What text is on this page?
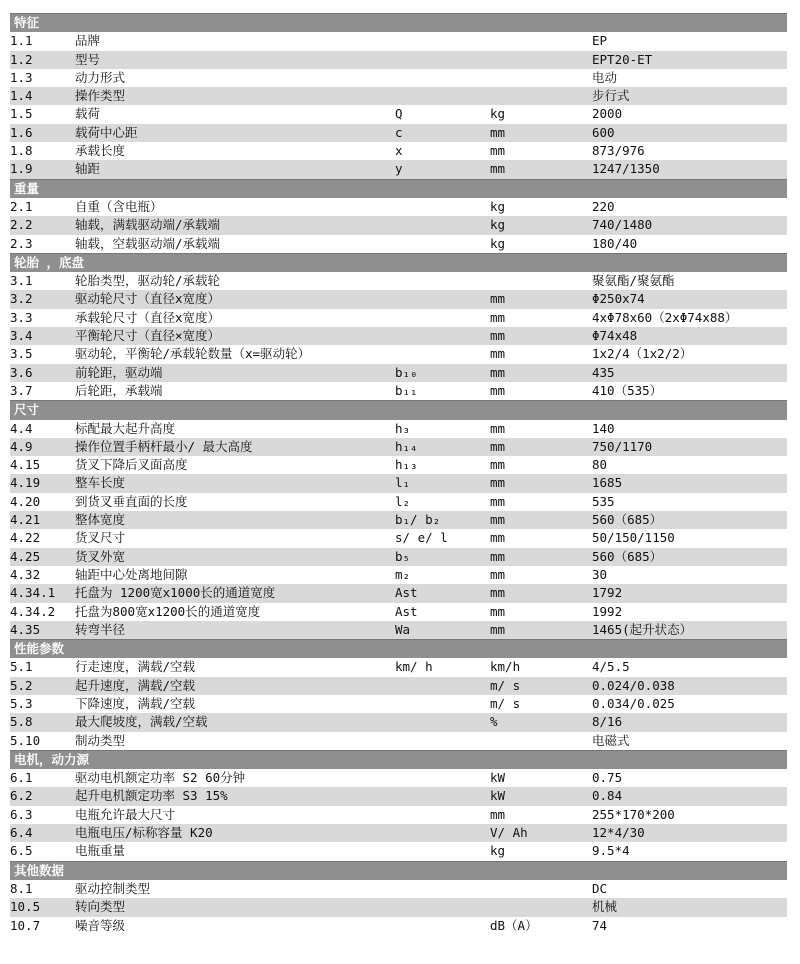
特征				
1.1	品牌			EP
1.2	型号			EPT20-ET
1.3	动力形式			电动
1.4	操作类型			步行式
1.5	载荷	Q	kg	2000
1.6	载荷中心距	c	mm	600
1.8	承载长度	x	mm	873/976
1.9	轴距	y	mm	1247/1350
重量				
2.1	自重（含电瓶）		kg	220
2.2	轴载，满载驱动端/承载端		kg	740/1480
2.3	轴载，空载驱动端/承载端		kg	180/40
轮胎 ，底盘				
3.1	轮胎类型，驱动轮/承载轮			聚氨酯/聚氨酯
3.2	驱动轮尺寸（直径x宽度）		mm	Φ250x74
3.3	承载轮尺寸（直径x宽度）		mm	4xΦ78x60（2xΦ74x88）
3.4	平衡轮尺寸（直径×宽度）		mm	Φ74x48
3.5	驱动轮，平衡轮/承载轮数量（x=驱动轮）		mm	1x2/4（1x2/2）
3.6	前轮距，驱动端	b₁₀	mm	435
3.7	后轮距，承载端	b₁₁	mm	410（535）
尺寸				
4.4	标配最大起升高度	h₃	mm	140
4.9	操作位置手柄杆最小/ 最大高度	h₁₄	mm	750/1170
4.15	货叉下降后叉面高度	h₁₃	mm	80
4.19	整车长度	l₁	mm	1685
4.20	到货叉垂直面的长度	l₂	mm	535
4.21	整体宽度	b₁/ b₂	mm	560（685）
4.22	货叉尺寸	s/ e/ l	mm	50/150/1150
4.25	货叉外宽	b₅	mm	560（685）
4.32	轴距中心处离地间隙	m₂	mm	30
4.34.1	托盘为 1200宽x1000长的通道宽度	Ast	mm	1792
4.34.2	托盘为800宽x1200长的通道宽度	Ast	mm	1992
4.35	转弯半径	Wa	mm	1465(起升状态）
性能参数				
5.1	行走速度，满载/空载	km/ h	km/h	4/5.5
5.2	起升速度，满载/空载		m/ s	0.024/0.038
5.3	下降速度，满载/空载		m/ s	0.034/0.025
5.8	最大爬坡度，满载/空载		%	8/16
5.10	制动类型			电磁式
电机，动力源				
6.1	驱动电机额定功率 S2 60分钟		kW	0.75
6.2	起升电机额定功率 S3 15%		kW	0.84
6.3	电瓶允许最大尺寸		mm	255*170*200
6.4	电瓶电压/标称容量 K20		V/ Ah	12*4/30
6.5	电瓶重量		kg	9.5*4
其他数据				
8.1	驱动控制类型			DC
10.5	转向类型			机械
10.7	噪音等级		dB（A）	74
